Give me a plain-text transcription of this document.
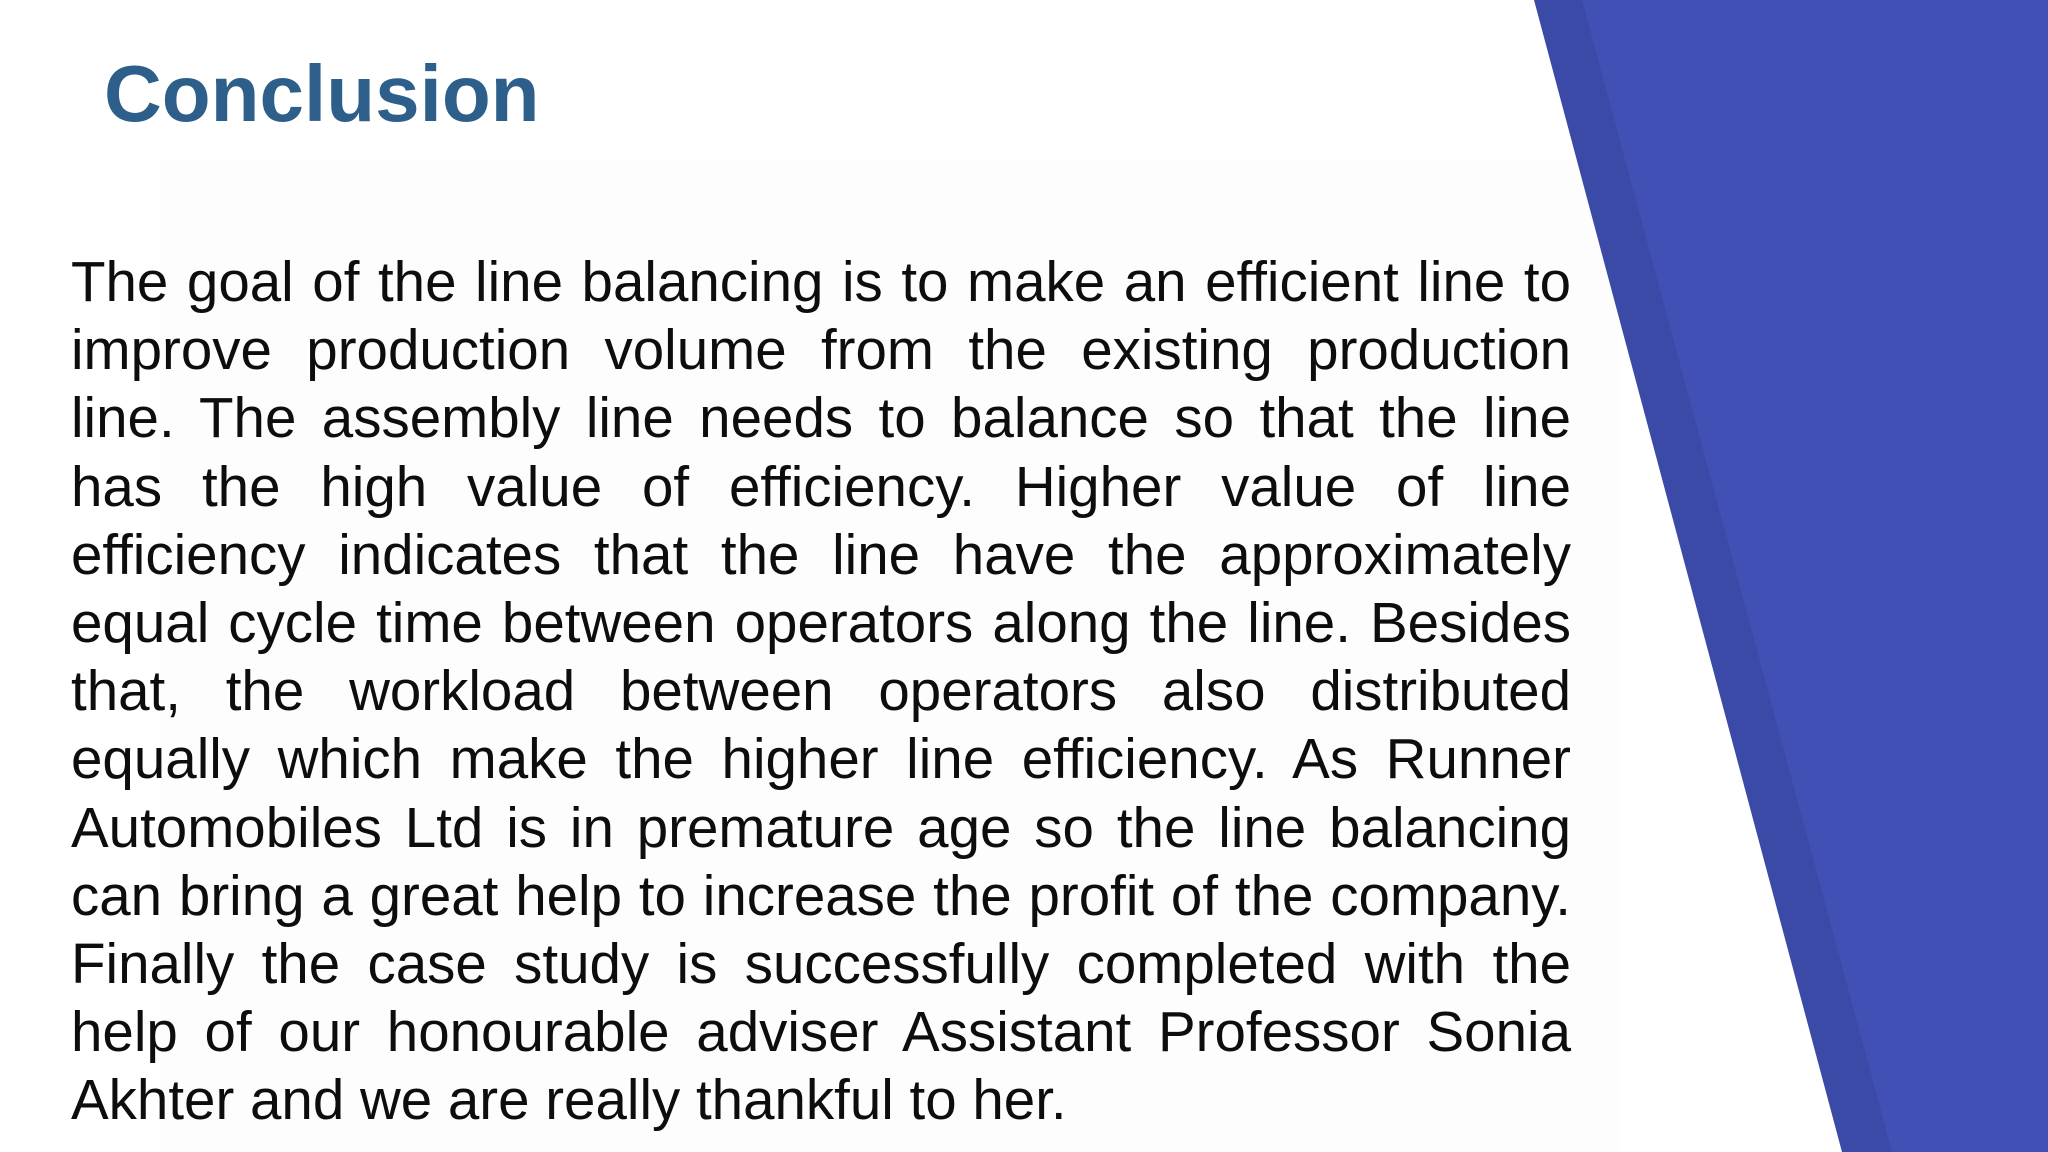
Conclusion

The goal of the line balancing is to make an efficient line to improve production volume from the existing production line. The assembly line needs to balance so that the line has the high value of efficiency. Higher value of line efficiency indicates that the line have the approximately equal cycle time between operators along the line. Besides that, the workload between operators also distributed equally which make the higher line efficiency. As Runner Automobiles Ltd is in premature age so the line balancing can bring a great help to increase the profit of the company. Finally the case study is successfully completed with the help of our honourable adviser Assistant Professor Sonia Akhter and we are really thankful to her.
